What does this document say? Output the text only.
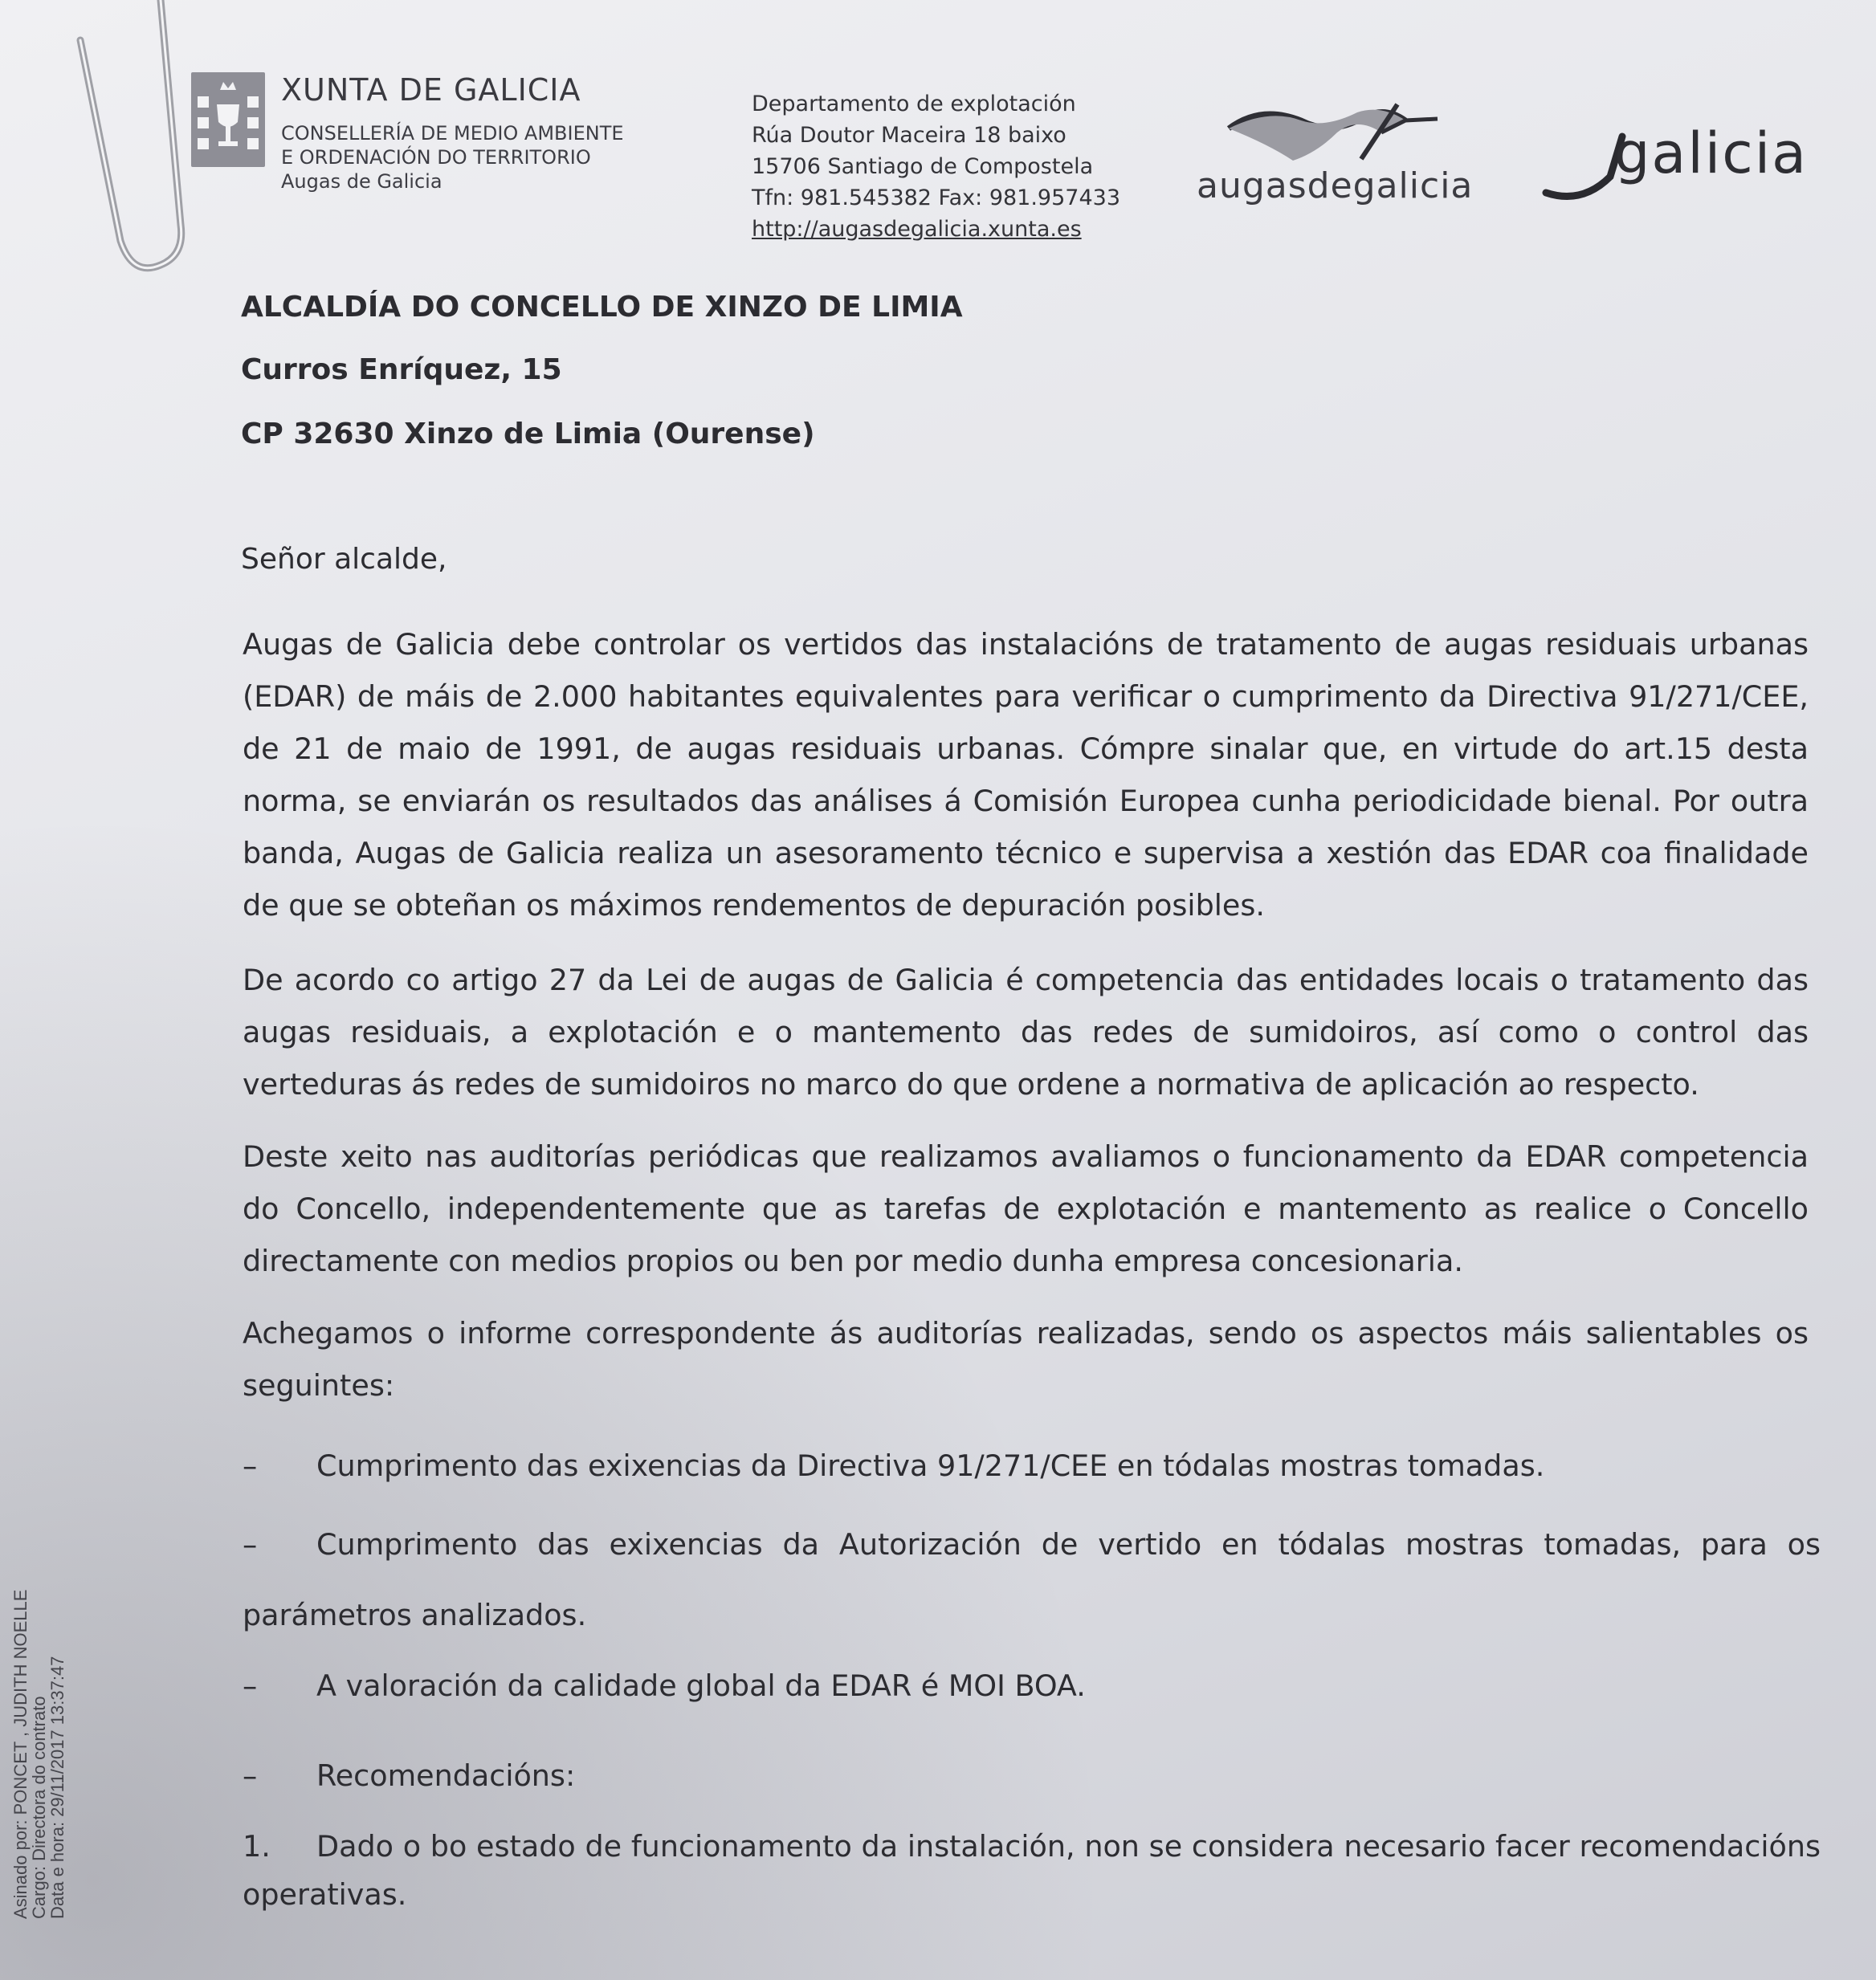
XUNTA DE GALICIA
CONSELLERÍA DE MEDIO AMBIENTE
E ORDENACIÓN DO TERRITORIO
Augas de Galicia
Departamento de explotación
Rúa Doutor Maceira 18 baixo
15706 Santiago de Compostela
Tfn: 981.545382 Fax: 981.957433
http://augasdegalicia.xunta.es
augasdegalicia	galicia
ALCALDÍA DO CONCELLO DE XINZO DE LIMIA
Curros Enríquez, 15
CP 32630 Xinzo de Limia (Ourense)
Señor alcalde,
Augas de Galicia debe controlar os vertidos das instalacións de tratamento de augas residuais urbanas (EDAR) de máis de 2.000 habitantes equivalentes para verificar o cumprimento da Directiva 91/271/CEE, de 21 de maio de 1991, de augas residuais urbanas. Cómpre sinalar que, en virtude do art.15 desta norma, se enviarán os resultados das análises á Comisión Europea cunha periodicidade bienal. Por outra banda, Augas de Galicia realiza un asesoramento técnico e supervisa a xestión das EDAR coa finalidade de que se obteñan os máximos rendementos de depuración posibles.
De acordo co artigo 27 da Lei de augas de Galicia é competencia das entidades locais o tratamento das augas residuais, a explotación e o mantemento das redes de sumidoiros, así como o control das verteduras ás redes de sumidoiros no marco do que ordene a normativa de aplicación ao respecto.
Deste xeito nas auditorías periódicas que realizamos avaliamos o funcionamento da EDAR competencia do Concello, independentemente que as tarefas de explotación e mantemento as realice o Concello directamente con medios propios ou ben por medio dunha empresa concesionaria.
Achegamos o informe correspondente ás auditorías realizadas, sendo os aspectos máis salientables os seguintes:
– Cumprimento das exixencias da Directiva 91/271/CEE en tódalas mostras tomadas.
– Cumprimento das exixencias da Autorización de vertido en tódalas mostras tomadas, para os parámetros analizados.
– A valoración da calidade global da EDAR é MOI BOA.
– Recomendacións:
1. Dado o bo estado de funcionamento da instalación, non se considera necesario facer recomendacións operativas.
Asinado por: PONCET , JUDITH NOELLE
Cargo: Directora do contrato
Data e hora: 29/11/2017 13:37:47
